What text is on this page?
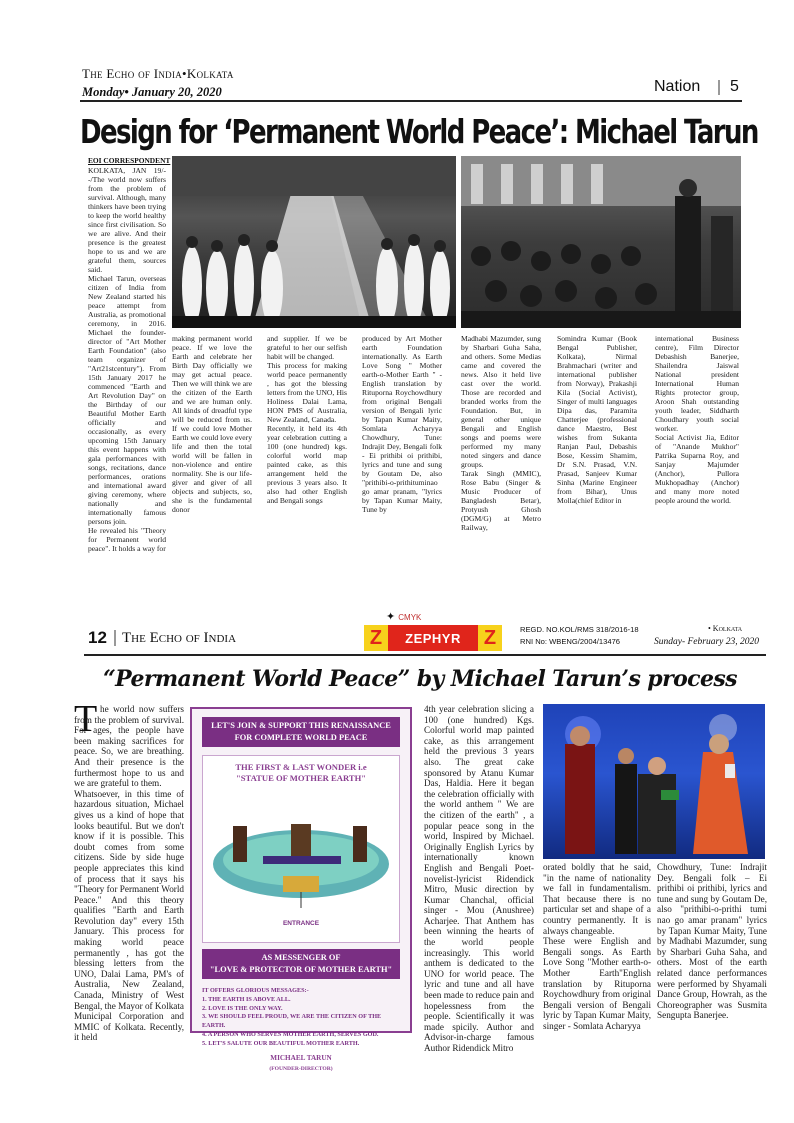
The Echo of India•Kolkata
Monday• January 20, 2020	Nation 5
Design for ‘Permanent World Peace’: Michael Tarun
EOI CORRESPONDENT
KOLKATA, JAN 19/--/The world now suffers from the problem of survival. Although, many thinkers have been trying to keep the world healthy since first civilisation. So we are alive. And their presence is the greatest hope to us and we are grateful them, sources said.
Michael Tarun, overseas citizen of India from New Zealand started his peace attempt from Australia, as promotional ceremony, in 2016. Michael the founder-director of "Art Mother Earth Foundation" (also team organizer of "Art21stcentury"). From 15th January 2017 he commenced "Earth and Art Revolution Day" on the Birthday of our Beautiful Mother Earth officially and occasionally, as every upcoming 15th January this event happens with gala performances with songs, recitations, dance performances, orations and international award giving ceremony, where nationally and internationally famous persons join.
He revealed his "Theory for Permanent world peace". It holds a way for
making permanent world peace. If we love the Earth and celebrate her Birth Day officially we may get actual peace. Then we will think we are the citizen of the Earth and we are human only. All kinds of dreadful type will be reduced from us. If we could love Mother Earth we could love every life and then the total world will be fallen in non-violence and entire normality. She is our life-giver and giver of all objects and subjects, so, she is the fundamental donor
and supplier. If we be grateful to her our selfish habit will be changed.
This process for making world peace permanently , has got the blessing letters from the UNO, His Holiness Dalai Lama, HON PMS of Australia, New Zealand, Canada.
Recently, it held its 4th year celebration cutting a 100 (one hundred) kgs. colorful world map painted cake, as this arrangement held the previous 3 years also. It also had other English and Bengali songs
produced by Art Mother earth Foundation internationally. As Earth Love Song " Mother earth-o-Mother Earth " - English translation by Rituporna Roychowdhury from original Bengali version of Bengali lyric by Tapan Kumar Maity, Somlata Acharyya Chowdhury, Tune: Indrajit Dey, Bengali folk - Ei prithibi oi prithibi, lyrics and tune and sung by Goutam De, also "prithibi-o-prithituminao go amar pranam, "lyrics by Tapan Kumar Maity, Tune by
Madhabi Mazumder, sung by Sharbari Guha Saha, and others. Some Medias came and covered the news. Also it held live cast over the world. Those are recorded and branded works from the Foundation. But, in general other unique Bengali and English songs and poems were performed my many noted singers and dance groups.
Tarak Singh (MMIC), Rose Babu (Singer & Music Producer of Bangladesh Betar), Protyush Ghosh (DGM/G) at Metro Railway,
Somindra Kumar (Book Bengal Publisher, Kolkata), Nirmal Brahmachari (writer and international publisher from Norway), Prakashji Kila (Social Activist), Singer of multi languages Dipa das, Paramita Chatterjee (professional dance Maestro, Best wishes from Sukanta Ranjan Paul, Debashis Bose, Kessim Shamim, Dr S.N. Prasad, V.N. Prasad, Sanjeev Kumar Sinha (Marine Engineer from Bihar), Unus Molla(chief Editor in
international Business centre), Film Director Debashish Banerjee, Shailendra Jaiswal National president International Human Rights protector group, Aroon Shah outstanding youth leader, Siddharth Choudhary youth social worker.
Social Activist Jia, Editor of "Anande Mukhor" Patrika Suparna Roy, and Sanjay Majumder (Anchor), Pullora Mukhopadhay (Anchor) and many more noted people around the world.
12 The Echo of India
✦ CMYK
Z	ZEPHYR Z	REGD. NO.KOL/RMS 318/2016-18
RNI No: WBENG/2004/13476
• Kolkata
Sunday- February 23, 2020
“Permanent World Peace” by Michael Tarun’s process
T he world now suffers from the problem of survival. For ages, the people have been making sacrifices for peace. So, we are breathing. And their presence is the furthermost hope to us and we are grateful to them.
Whatsoever, in this time of hazardous situation, Michael gives us a kind of hope that looks beautiful. But we don't know if it is possible. This doubt comes from some citizens. Side by side huge people appreciates this kind of process that it says his "Theory for Permanent World Peace." And this theory qualifies "Earth and Earth Revolution day" every 15th January. This process for making world peace permanently , has got the blessing letters from the UNO, Dalai Lama, PM's of Australia, New Zealand, Canada, Ministry of West Bengal, the Mayor of Kolkata Municipal Corporation and MMIC of Kolkata. Recently, it held
LET'S JOIN & SUPPORT THIS RENAISSANCE FOR COMPLETE WORLD PEACE
THE FIRST & LAST WONDER i.e
"STATUE OF MOTHER EARTH"
ENTRANCE
AS MESSENGER OF
"LOVE & PROTECTOR OF MOTHER EARTH"
IT OFFERS GLORIOUS MESSAGES:-
1. THE EARTH IS ABOVE ALL.
2. LOVE IS THE ONLY WAY.
3. WE SHOULD FEEL PROUD, WE ARE THE CITIZEN OF THE EARTH.
4. A PERSON WHO SERVES MOTHER EARTH, SERVES GOD.
5. LET'S SALUTE OUR BEAUTIFUL MOTHER EARTH.
MICHAEL TARUN
(FOUNDER-DIRECTOR)
4th year celebration slicing a 100 (one hundred) Kgs. Colorful world map painted cake, as this arrangement held the previous 3 years also. The great cake sponsored by Atanu Kumar Das, Haldia. Here it began the celebration officially with the world anthem " We are the citizen of the earth" , a popular peace song in the world, Inspired by Michael. Originally English Lyrics by internationally known English and Bengali Poet-novelist-lyricist Ridendick Mitro, Music direction by Kumar Chanchal, official singer - Mou (Anushree) Acharjee. That Anthem has been winning the hearts of the world people increasingly. This world anthem is dedicated to the UNO for world peace. The lyric and tune and all have been made to reduce pain and hopelessness from the people. Scientifically it was made spicily. Author and Advisor-in-charge famous Author Ridendick Mitro
orated boldly that he said, "in the name of nationality we fall in fundamentalism. That because there is no particular set and shape of a country permanently. It is always changeable.
These were English and Bengali songs. As Earth Love Song "Mother earth-o-Mother Earth"English translation by Rituporna Roychowdhury from original Bengali version of Bengali lyric by Tapan Kumar Maity, singer - Somlata Acharyya
Chowdhury, Tune: Indrajit Dey. Bengali folk – Ei prithibi oi prithibi, lyrics and tune and sung by Goutam De, also "prithibi-o-prithi tumi nao go amar pranam" lyrics by Tapan Kumar Maity, Tune by Madhabi Mazumder, sung by Sharbari Guha Saha, and others. Most of the earth related dance performances were performed by Shyamali Dance Group, Howrah, as the Choreographer was Susmita Sengupta Banerjee.
